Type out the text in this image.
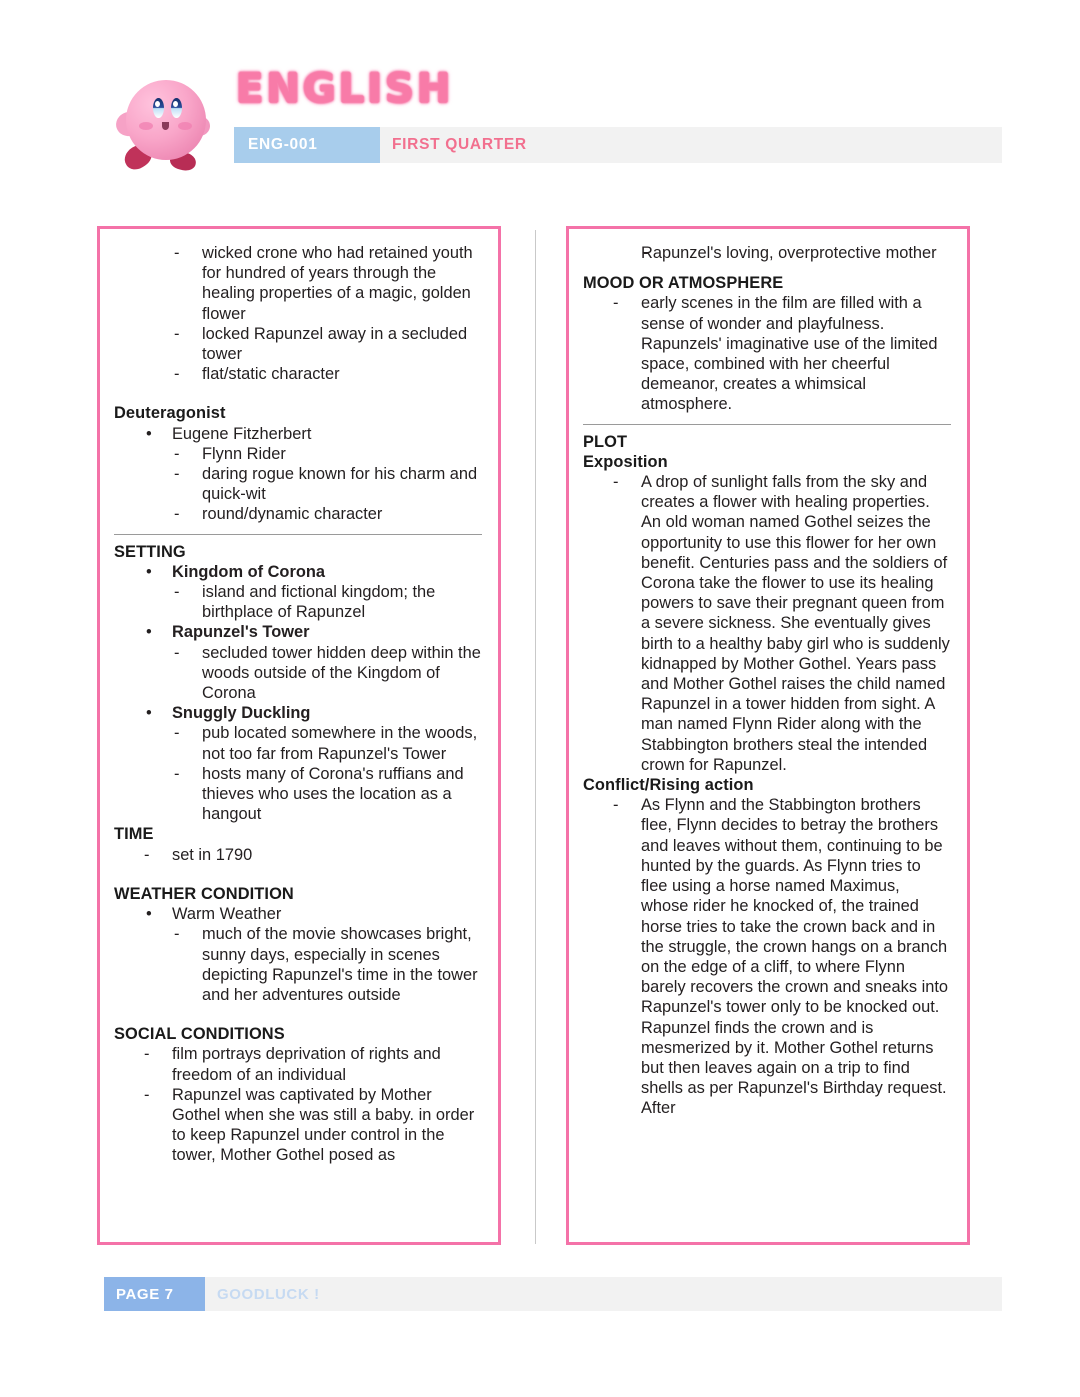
ENGLISH
ENG-001	FIRST QUARTER
- wicked crone who had retained youth for hundred of years through the healing properties of a magic, golden flower
- locked Rapunzel away in a secluded tower
- flat/static character
Deuteragonist
• Eugene Fitzherbert
- Flynn Rider
- daring rogue known for his charm and quick-wit
- round/dynamic character
SETTING
• Kingdom of Corona
- island and fictional kingdom; the birthplace of Rapunzel
• Rapunzel's Tower
- secluded tower hidden deep within the woods outside of the Kingdom of Corona
• Snuggly Duckling
- pub located somewhere in the woods, not too far from Rapunzel's Tower
- hosts many of Corona's ruffians and thieves who uses the location as a hangout
TIME
- set in 1790
WEATHER CONDITION
• Warm Weather
- much of the movie showcases bright, sunny days, especially in scenes depicting Rapunzel's time in the tower and her adventures outside
SOCIAL CONDITIONS
- film portrays deprivation of rights and freedom of an individual
- Rapunzel was captivated by Mother Gothel when she was still a baby. in order to keep Rapunzel under control in the tower, Mother Gothel posed as
- Rapunzel's loving, overprotective mother
MOOD OR ATMOSPHERE
- early scenes in the film are filled with a sense of wonder and playfulness. Rapunzels' imaginative use of the limited space, combined with her cheerful demeanor, creates a whimsical atmosphere.
PLOT
Exposition
- A drop of sunlight falls from the sky and creates a flower with healing properties. An old woman named Gothel seizes the opportunity to use this flower for her own benefit. Centuries pass and the soldiers of Corona take the flower to use its healing powers to save their pregnant queen from a severe sickness. She eventually gives birth to a healthy baby girl who is suddenly kidnapped by Mother Gothel. Years pass and Mother Gothel raises the child named Rapunzel in a tower hidden from sight. A man named Flynn Rider along with the Stabbington brothers steal the intended crown for Rapunzel.
Conflict/Rising action
- As Flynn and the Stabbington brothers flee, Flynn decides to betray the brothers and leaves without them, continuing to be hunted by the guards. As Flynn tries to flee using a horse named Maximus, whose rider he knocked of, the trained horse tries to take the crown back and in the struggle, the crown hangs on a branch on the edge of a cliff, to where Flynn barely recovers the crown and sneaks into Rapunzel's tower only to be knocked out. Rapunzel finds the crown and is mesmerized by it. Mother Gothel returns but then leaves again on a trip to find shells as per Rapunzel's Birthday request. After
PAGE 7	GOODLUCK !
